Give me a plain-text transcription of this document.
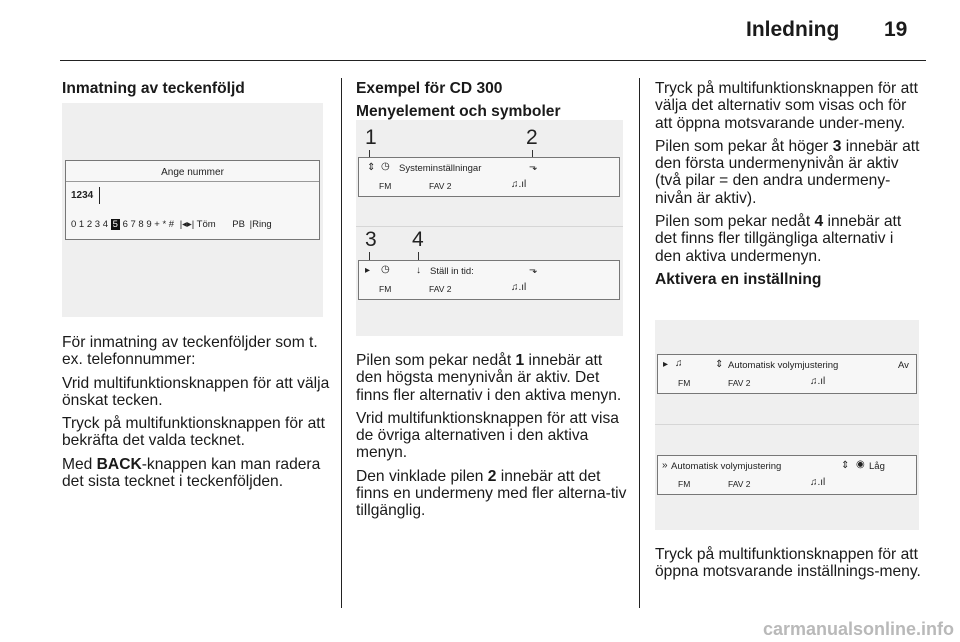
Inledning 19

Inmatning av teckenföljd

Ange nummer
1234
0 1 2 3 4 5 6 7 8 9 + * # |◂▸| Töm PB |Ring

För inmatning av teckenföljder som t. ex. telefonnummer:

Vrid multifunktionsknappen för att välja önskat tecken.

Tryck på multifunktionsknappen för att bekräfta det valda tecknet.

Med BACK-knappen kan man radera det sista tecknet i teckenföljden.

Exempel för CD 300

Menyelement och symboler

1	2
⇕ ◷ Systeminställningar	⬎
FM	FAV 2	♫.ıl
3 4
▸ ◷	↓ Ställ in tid:	⬎
FM	FAV 2	♫.ıl

Pilen som pekar nedåt 1 innebär att den högsta menynivån är aktiv. Det finns fler alternativ i den aktiva menyn.

Vrid multifunktionsknappen för att visa de övriga alternativen i den aktiva menyn.

Den vinklade pilen 2 innebär att det finns en undermeny med fler alterna-tiv tillgänglig.

Tryck på multifunktionsknappen för att välja det alternativ som visas och för att öppna motsvarande under-meny.

Pilen som pekar åt höger 3 innebär att den första undermenynivån är aktiv (två pilar = den andra undermeny-nivån är aktiv).

Pilen som pekar nedåt 4 innebär att det finns fler tillgängliga alternativ i den aktiva undermenyn.

Aktivera en inställning

▸ ♫	⇕ Automatisk volymjustering	Av
FM	FAV 2	♫.ıl
» Automatisk volymjustering	⇕ ◉ Låg
FM	FAV 2	♫.ıl

Tryck på multifunktionsknappen för att öppna motsvarande inställnings-meny.

carmanualsonline.info
